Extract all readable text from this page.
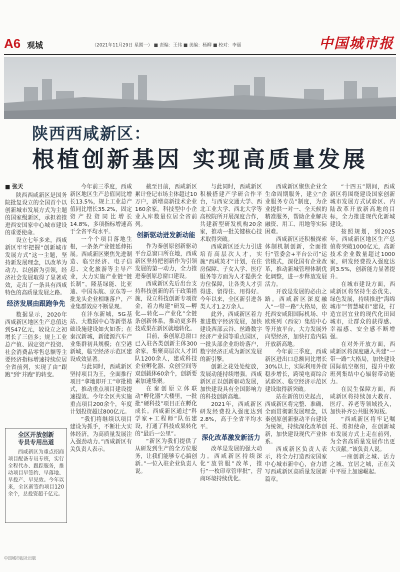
A6 观城	（2021年11月29日 星期一） ■ 责编：王伟 ■ 美编：杨柳 ■ 校对：李丽	中国城市报
陕西西咸新区：
根植创新基因 实现高质量发展

■ 张天

陕西西咸新区是国务院批复设立的全国首个以创新城市发展方式为主题的国家级新区，承担着推进西安国家中心城市建设的重要使命。

设立七年多来，西咸新区牢牢把握“创新城市发展方式”这一主题，坚持新发展理念，以改革为动力、以创新为引领，经济社会发展取得了显著成效，走出了一条具有西咸特色的高质量发展之路。

经济发展由跟跑争先

数据显示，2020年西咸新区地区生产总值达到547亿元，较设立之初增长了三倍多；规上工业总产值、固定资产投资、社会消费品零售总额等主要经济指标增速持续位居全省前列，实现了由“跟跑”到“并跑”的转变。

全区开放创新

专员专用出道

西咸新区为重点招商项目配备专员专班，实行全程代办、跟踪服务，推动项目早签约、早落地、早投产、早见效。今年以来，全区新签约项目120余个，总投资超千亿元。

今年前三季度，西咸新区地区生产总值同比增长13.5%，规上工业总产值同比增长35.2%，固定资产投资同比增长14.8%，多项指标增速高于全省平均水平。

一个个项目落地生根，一条条产业链延伸拓展。西咸新区聚焦先进制造、临空经济、电子信息、文化旅游等主导产业，大力实施产业链“链长制”，隆基绿能、比亚迪、中国东航、京东等一批龙头企业相继落户，产业集群效应不断显现。

在沣东新城，5G基站、大数据中心等新型基础设施建设如火如荼；在秦汉新城，新能源汽车产业集群初具规模；在空港新城，临空经济示范区建设成效显著。

与此同时，西咸新区坚持项目为王，全面推行项目“拿地即开工”审批模式，推动重点项目建设提速提效。今年全区共实施重点项目200余个，年度计划投资超过800亿元。

“我们将继续以项目建设为抓手，不断壮大实体经济，为高质量发展注入强劲动力。”西咸新区有关负责人表示。

截至目前，西咸新区累计登记市场主体超过10万户，新增高新技术企业160余家，科技型中小企业入库数量位居全省前列。

创新驱动迸发新动能

作为秦创原创新驱动平台总窗口所在地，西咸新区坚持把创新作为引领发展的第一动力，全力推进秦创原总窗口建设。

西咸新区先后出台支持科技创新的若干政策措施，设立科技创新专项资金，着力构建“研发—孵化—转化—产业化”全链条创新体系，推动更多科技成果在新区就地转化。

目前，秦创原总窗口已入驻各类创新主体300余家，集聚高层次人才团队1200余人，建成科技企业孵化器、众创空间等双创载体60余个，创新要素加速集聚。

在秦创原立体联动“孵化器”大楼里，一批批“硬科技”项目正在孵化成长。西咸新区通过“科学家+工程师”队伍建设，打通了科技成果转化的“最后一公里”。

“新区为我们提供了从研发到生产的全方位服务，让我们能够专心搞创新。”一位入驻企业负责人说。

与此同时，西咸新区积极搭建产学研合作平台，与西安交通大学、西北工业大学、西北大学等高校院所开展深度合作，共建新型研发机构20余家，推动一批关键核心技术取得突破。

西咸新区还大力引进培育高层次人才，实施“西咸英才”计划，在住房保障、子女入学、医疗服务等方面为人才提供全方位保障，让各类人才引得进、留得住、用得好。今年以来，全区新引进各类人才1.2万余人。

此外，西咸新区着力推进数字经济发展，加快建设西部云谷、丝路数字经济产业园等重点园区，一批头部企业纷纷落户，数字经济正成为新区发展的新引擎。

创新之花处处绽放，发展动能持续增强。西咸新区正以创新驱动发展，加快建设具有全国影响力的科技创新高地。

2021年，西咸新区研发经费投入强度达到2.8%，高于全省平均水平。

深化改革激发新活力

改革是发展的强大动力。西咸新区持续深化“放管服”改革，推行“一枚印章管审批”，营商环境持续优化。

西咸新区聚焦企业全生命周期服务，建立“企业服务专员”制度，为企业提供一对一、全天候的精准服务，帮助企业解决融资、用工、用地等实际困难。

西咸新区还积极探索体制机制创新，全面推行“管委会+平台公司”运营模式，深化国有企业改革，推动新城管理体制优化调整，进一步释放发展活力。

开放是发展的必由之路。西咸新区深度融入“一带一路”大格局，依托西安咸阳国际机场、中欧班列（西安）集结中心等开放平台，大力发展外向型经济，加快打造内陆开放新高地。

今年前三季度，西咸新区进出口总额同比增长30%以上，实际利用外资稳步增长，跨境电商综合试验区、临空经济示范区建设取得新突破。

站在新的历史起点，西咸新区将完整、准确、全面贯彻新发展理念，以秦创原创新驱动平台建设为统领，持续深化改革创新，加快建设现代产业体系。

西咸新区负责人表示，将全力打造西安国家中心城市新中心，奋力谱写西咸新区高质量发展新篇章。

“十四五”期间，西咸新区将围绕建设国家创新城市发展方式试验区、内陆改革开放新高地的目标，全力推进现代化新城建设。

按照规划，到2025年，西咸新区地区生产总值将突破1000亿元，高新技术企业数量超过1000家，研发经费投入强度达到3.5%，创新能力显著提升。

在城市建设方面，西咸新区将坚持生态优先、绿色发展，持续推进“海绵城市”“智慧城市”建设，打造宜居宜业的现代化田园城市，让群众的获得感、幸福感、安全感不断增强。

在对外开放方面，西咸新区将深度融入共建“一带一路”大格局，加快建设国际航空枢纽，提升中欧班列集结中心辐射带动能力。

在民生保障方面，西咸新区将持续加大教育、医疗、养老等领域投入，加快补齐公共服务短板。

“西咸新区将牢记嘱托、勇担使命，在创新城市发展方式上走在前列，为全省高质量发展作出更大贡献。”该负责人说。

一座创新之城、活力之城、宜居之城，正在关中平原上加速崛起。

中国城市报社出版
